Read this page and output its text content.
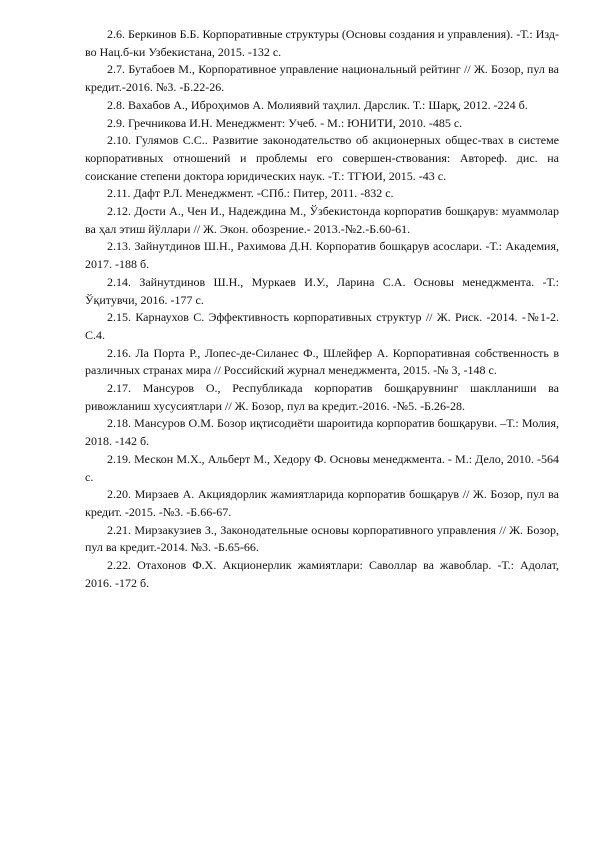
2.6. Беркинов Б.Б. Корпоративные структуры (Основы создания и управления). -Т.: Изд-во Нац.б-ки Узбекистана, 2015. -132 с.

2.7. Бутабоев М., Корпоративное управление национальный рейтинг // Ж. Бозор, пул ва кредит.-2016. №3. -Б.22-26.

2.8. Вахабов А., Иброҳимов А. Молиявий таҳлил. Дарслик. Т.: Шарқ, 2012. -224 б.

2.9. Гречникова И.Н. Менеджмент: Учеб. - М.: ЮНИТИ, 2010. -485 с.

2.10. Гулямов С.С.. Развитие законодательство об акционерных общес-твах в системе корпоративных отношений и проблемы его совершен-ствования: Автореф. дис. на соискание степени доктора юридических наук. -Т.: ТГЮИ, 2015. -43 с.

2.11. Дафт Р.Л. Менеджмент. -СПб.: Питер, 2011. -832 с.

2.12. Дости А., Чен И., Надеждина М., Ўзбекистонда корпоратив бошқарув: муаммолар ва ҳал этиш йўллари // Ж. Экон. обозрение.- 2013.-№2.-Б.60-61.

2.13. Зайнутдинов Ш.Н., Рахимова Д.Н. Корпоратив бошқарув асослари. -Т.: Академия, 2017. -188 б.

2.14. Зайнутдинов Ш.Н., Муркаев И.У., Ларина С.А. Основы менеджмента. -Т.: Ўқитувчи, 2016. -177 с.

2.15. Карнаухов С. Эффективность корпоративных структур // Ж. Риск. -2014. -№1-2. С.4.

2.16. Ла Порта Р., Лопес-де-Силанес Ф., Шлейфер А. Корпоративная собственность в различных странах мира // Российский журнал менеджмента, 2015. -№ 3, -148 с.

2.17. Мансуров О., Республикада корпоратив бошқарувнинг шаклланиши ва ривожланиш хусусиятлари // Ж. Бозор, пул ва кредит.-2016. -№5. -Б.26-28.

2.18. Мансуров О.М. Бозор иқтисодиёти шароитида корпоратив бошқаруви. –Т.: Молия, 2018. -142 б.

2.19. Мескон М.Х., Альберт М., Хедору Ф. Основы менеджмента. - М.: Дело, 2010. -564 с.

2.20. Мирзаев А. Акциядорлик жамиятларида корпоратив бошқарув // Ж. Бозор, пул ва кредит. -2015. -№3. -Б.66-67.

2.21. Мирзакузиев З., Законодательные основы корпоративного управления // Ж. Бозор, пул ва кредит.-2014. №3. -Б.65-66.

2.22. Отахонов Ф.Х. Акционерлик жамиятлари: Саволлар ва жавоблар. -Т.: Адолат, 2016. -172 б.
